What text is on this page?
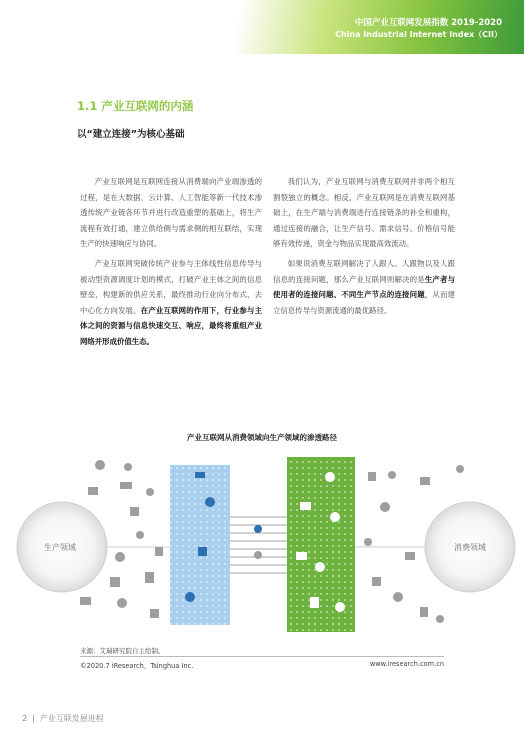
中国产业互联网发展指数 2019-2020
China Industrial Internet Index（CII）
1.1 产业互联网的内涵
以“建立连接”为核心基础

产业互联网是互联网连接从消费端向产业端渗透的过程，是在大数据、云计算、人工智能等新一代技术渗透传统产业链各环节并进行改造重塑的基础上，将生产流程有效打通，建立供给侧与需求侧的相互联结，实现生产的快速响应与协同。

产业互联网突破传统产业参与主体线性信息传导与被动型资源调度计划的模式，打破产业主体之间的信息壁垒，构建新的供应关系，最终推动行业向分布式、去中心化方向发展。在产业互联网的作用下，行业参与主体之间的资源与信息快速交互、响应，最终将重组产业网络并形成价值生态。

我们认为，产业互联网与消费互联网并非两个相互割裂独立的概念。相反，产业互联网是在消费互联网基础上，在生产端与消费端进行连接链条的补全和重构，通过连接的融合，让生产信号、需求信号、价格信号能够有效传递，资金与物品实现最高效流动。

如果说消费互联网解决了人跟人、人跟物以及人跟信息的连接问题，那么产业互联网则解决的是生产者与使用者的连接问题、不同生产节点的连接问题，从而建立信息传导与资源流通的最优路径。

产业互联网从消费领域向生产领域的渗透路径
生产领域	消费领域
来源：艾瑞研究院自主绘制。
©2020.7 iResearch，Tsinghua Inc.	www.iresearch.com.cn
2 | 产业互联发展进程
